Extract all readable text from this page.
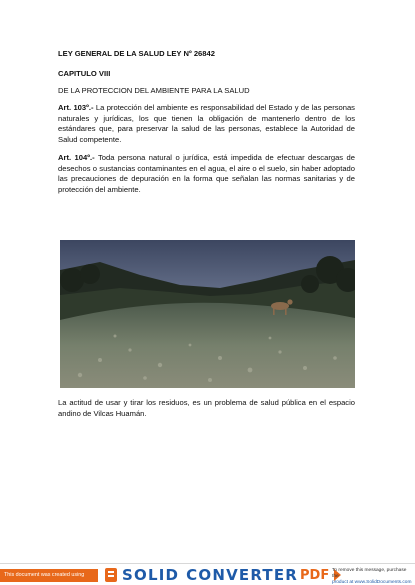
LEY GENERAL DE LA SALUD LEY Nº 26842
CAPITULO VIII
DE LA PROTECCION DEL AMBIENTE PARA LA SALUD
Art. 103º.- La protección del ambiente es responsabilidad del Estado y de las personas naturales y jurídicas, los que tienen la obligación de mantenerlo dentro de los estándares que, para preservar la salud de las personas, establece la Autoridad de Salud competente.
Art. 104º.- Toda persona natural o jurídica, está impedida de efectuar descargas de desechos o sustancias contaminantes en el agua, el aire o el suelo, sin haber adoptado las precauciones de depuración en la forma que señalan las normas sanitarias y de protección del ambiente.
La actitud de usar y tirar los residuos, es un problema de salud pública en el espacio andino de Vilcas Huamán.
This document was created using	SOLID CONVERTER PDF To remove this message, purchase the
product at www.SolidDocuments.com
